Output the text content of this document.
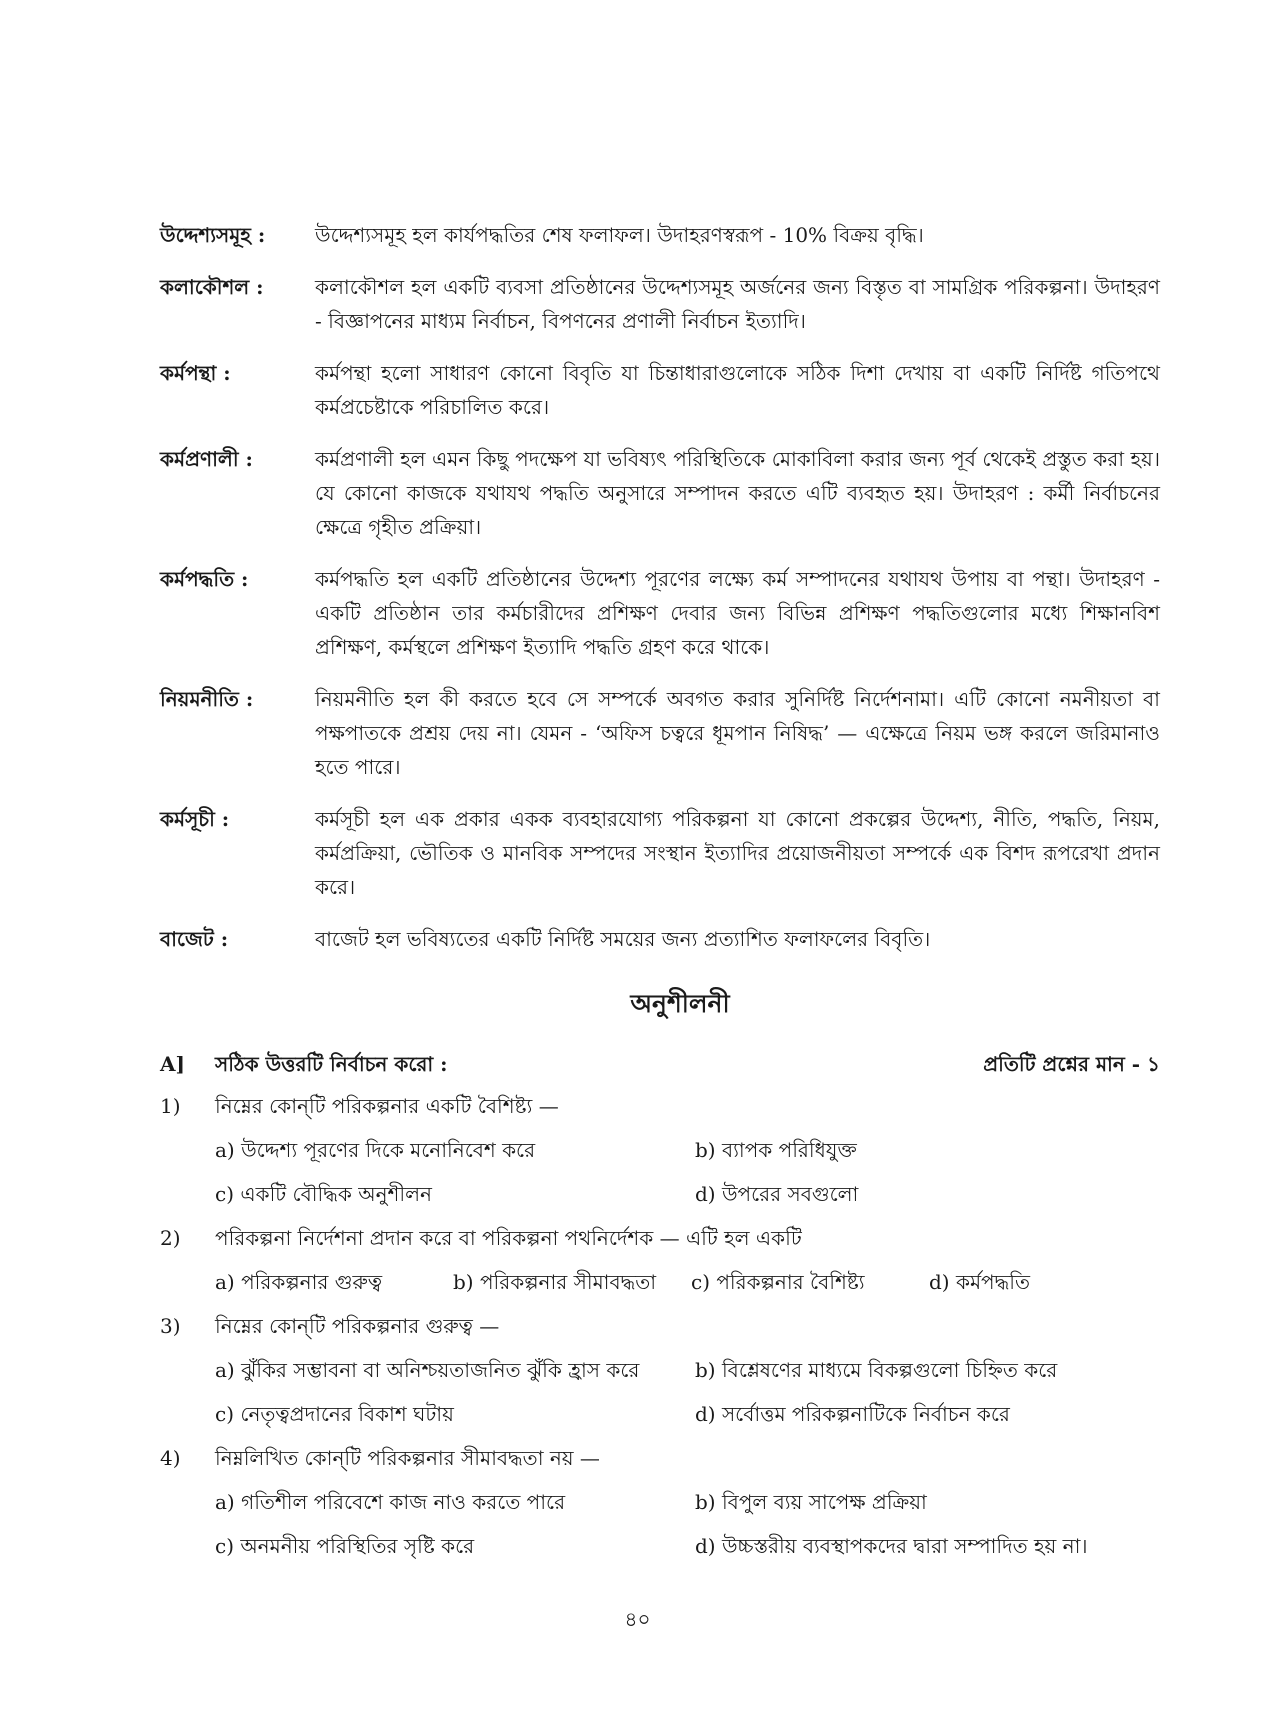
উদ্দেশ্যসমূহ :	উদ্দেশ্যসমূহ হল কার্যপদ্ধতির শেষ ফলাফল। উদাহরণস্বরূপ - 10% বিক্রয় বৃদ্ধি।
কলাকৌশল :	কলাকৌশল হল একটি ব্যবসা প্রতিষ্ঠানের উদ্দেশ্যসমূহ অর্জনের জন্য বিস্তৃত বা সামগ্রিক পরিকল্পনা। উদাহরণ - বিজ্ঞাপনের মাধ্যম নির্বাচন, বিপণনের প্রণালী নির্বাচন ইত্যাদি।
কর্মপন্থা :	কর্মপন্থা হলো সাধারণ কোনো বিবৃতি যা চিন্তাধারাগুলোকে সঠিক দিশা দেখায় বা একটি নির্দিষ্ট গতিপথে কর্মপ্রচেষ্টাকে পরিচালিত করে।
কর্মপ্রণালী :	কর্মপ্রণালী হল এমন কিছু পদক্ষেপ যা ভবিষ্যৎ পরিস্থিতিকে মোকাবিলা করার জন্য পূর্ব থেকেই প্রস্তুত করা হয়। যে কোনো কাজকে যথাযথ পদ্ধতি অনুসারে সম্পাদন করতে এটি ব্যবহৃত হয়। উদাহরণ : কর্মী নির্বাচনের ক্ষেত্রে গৃহীত প্রক্রিয়া।
কর্মপদ্ধতি :	কর্মপদ্ধতি হল একটি প্রতিষ্ঠানের উদ্দেশ্য পূরণের লক্ষ্যে কর্ম সম্পাদনের যথাযথ উপায় বা পন্থা। উদাহরণ - একটি প্রতিষ্ঠান তার কর্মচারীদের প্রশিক্ষণ দেবার জন্য বিভিন্ন প্রশিক্ষণ পদ্ধতিগুলোর মধ্যে শিক্ষানবিশ প্রশিক্ষণ, কর্মস্থলে প্রশিক্ষণ ইত্যাদি পদ্ধতি গ্রহণ করে থাকে।
নিয়মনীতি :	নিয়মনীতি হল কী করতে হবে সে সম্পর্কে অবগত করার সুনির্দিষ্ট নির্দেশনামা। এটি কোনো নমনীয়তা বা পক্ষপাতকে প্রশ্রয় দেয় না। যেমন - ‘অফিস চত্বরে ধূমপান নিষিদ্ধ’ — এক্ষেত্রে নিয়ম ভঙ্গ করলে জরিমানাও হতে পারে।
কর্মসূচী :	কর্মসূচী হল এক প্রকার একক ব্যবহারযোগ্য পরিকল্পনা যা কোনো প্রকল্পের উদ্দেশ্য, নীতি, পদ্ধতি, নিয়ম, কর্মপ্রক্রিয়া, ভৌতিক ও মানবিক সম্পদের সংস্থান ইত্যাদির প্রয়োজনীয়তা সম্পর্কে এক বিশদ রূপরেখা প্রদান করে।
বাজেট :	বাজেট হল ভবিষ্যতের একটি নির্দিষ্ট সময়ের জন্য প্রত্যাশিত ফলাফলের বিবৃতি।
অনুশীলনী
A]	সঠিক উত্তরটি নির্বাচন করো :	প্রতিটি প্রশ্নের মান - ১
1)	নিম্নের কোন্‌টি পরিকল্পনার একটি বৈশিষ্ট্য —
a) উদ্দেশ্য পূরণের দিকে মনোনিবেশ করে	b) ব্যাপক পরিধিযুক্ত
c) একটি বৌদ্ধিক অনুশীলন	d) উপরের সবগুলো
2)	পরিকল্পনা নির্দেশনা প্রদান করে বা পরিকল্পনা পথনির্দেশক — এটি হল একটি
a) পরিকল্পনার গুরুত্ব	b) পরিকল্পনার সীমাবদ্ধতা	c) পরিকল্পনার বৈশিষ্ট্য	d) কর্মপদ্ধতি
3)	নিম্নের কোন্‌টি পরিকল্পনার গুরুত্ব —
a) ঝুঁকির সম্ভাবনা বা অনিশ্চয়তাজনিত ঝুঁকি হ্রাস করে	b) বিশ্লেষণের মাধ্যমে বিকল্পগুলো চিহ্নিত করে
c) নেতৃত্বপ্রদানের বিকাশ ঘটায়	d) সর্বোত্তম পরিকল্পনাটিকে নির্বাচন করে
4)	নিম্নলিখিত কোন্‌টি পরিকল্পনার সীমাবদ্ধতা নয় —
a) গতিশীল পরিবেশে কাজ নাও করতে পারে	b) বিপুল ব্যয় সাপেক্ষ প্রক্রিয়া
c) অনমনীয় পরিস্থিতির সৃষ্টি করে	d) উচ্চস্তরীয় ব্যবস্থাপকদের দ্বারা সম্পাদিত হয় না।
৪০
